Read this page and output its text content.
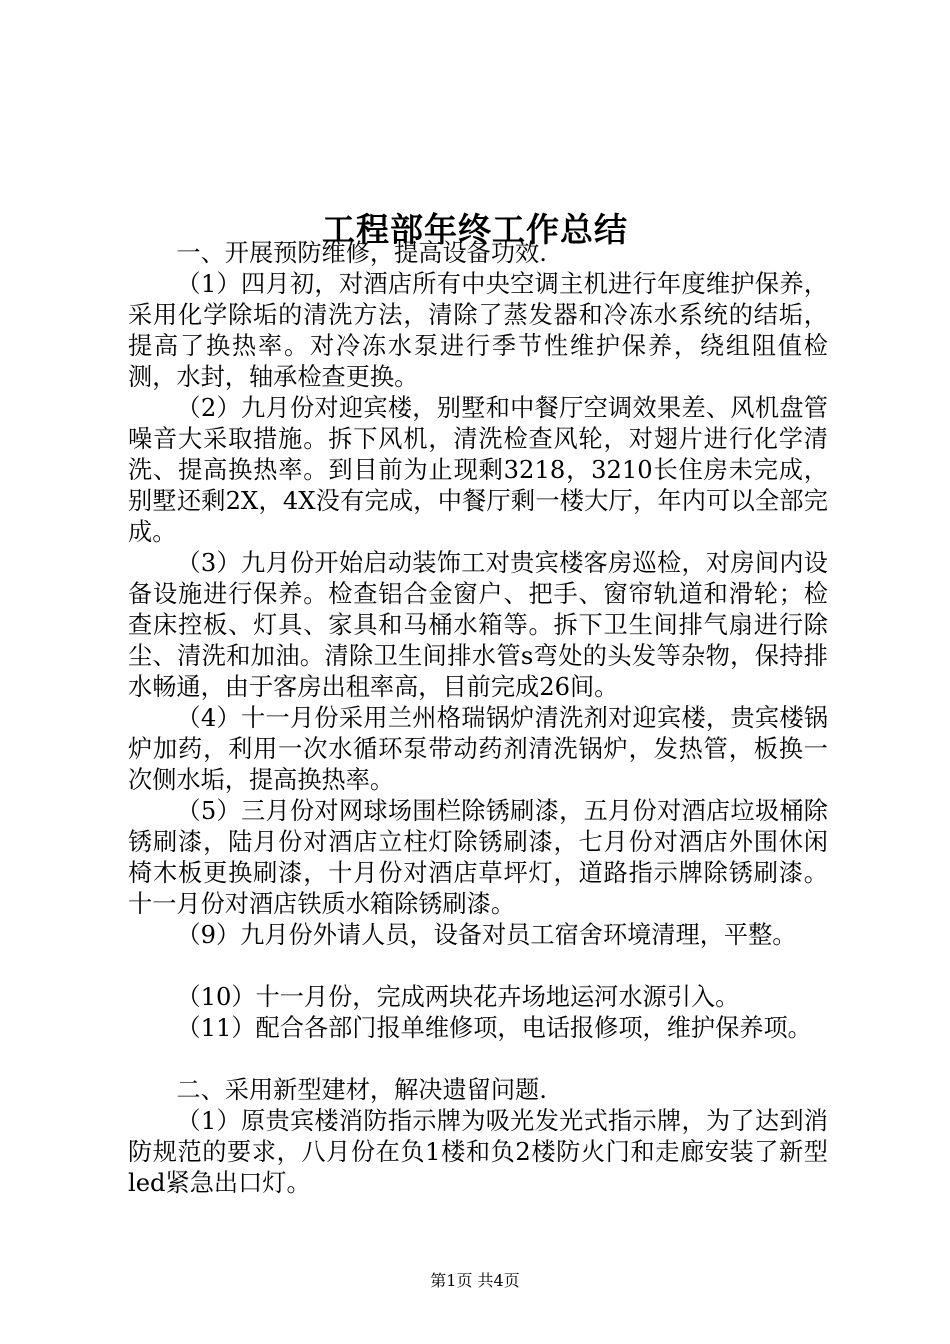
工程部年终工作总结

一、开展预防维修，提高设备功效.

（1）四月初，对酒店所有中央空调主机进行年度维护保养，采用化学除垢的清洗方法，清除了蒸发器和冷冻水系统的结垢，提高了换热率。对冷冻水泵进行季节性维护保养，绕组阻值检测，水封，轴承检查更换。

（2）九月份对迎宾楼，别墅和中餐厅空调效果差、风机盘管噪音大采取措施。拆下风机，清洗检查风轮，对翅片进行化学清洗、提高换热率。到目前为止现剩3218，3210长住房未完成，别墅还剩2X，4X没有完成，中餐厅剩一楼大厅，年内可以全部完成。

（3）九月份开始启动装饰工对贵宾楼客房巡检，对房间内设备设施进行保养。检查铝合金窗户、把手、窗帘轨道和滑轮；检查床控板、灯具、家具和马桶水箱等。拆下卫生间排气扇进行除尘、清洗和加油。清除卫生间排水管s弯处的头发等杂物，保持排水畅通，由于客房出租率高，目前完成26间。

（4）十一月份采用兰州格瑞锅炉清洗剂对迎宾楼，贵宾楼锅炉加药，利用一次水循环泵带动药剂清洗锅炉，发热管，板换一次侧水垢，提高换热率。

（5）三月份对网球场围栏除锈刷漆，五月份对酒店垃圾桶除锈刷漆，陆月份对酒店立柱灯除锈刷漆，七月份对酒店外围休闲椅木板更换刷漆，十月份对酒店草坪灯，道路指示牌除锈刷漆。十一月份对酒店铁质水箱除锈刷漆。

（9）九月份外请人员，设备对员工宿舍环境清理，平整。

（10）十一月份，完成两块花卉场地运河水源引入。

（11）配合各部门报单维修项，电话报修项，维护保养项。

二、采用新型建材，解决遗留问题.

（1）原贵宾楼消防指示牌为吸光发光式指示牌，为了达到消防规范的要求，八月份在负1楼和负2楼防火门和走廊安装了新型led紧急出口灯。

第1页 共4页
